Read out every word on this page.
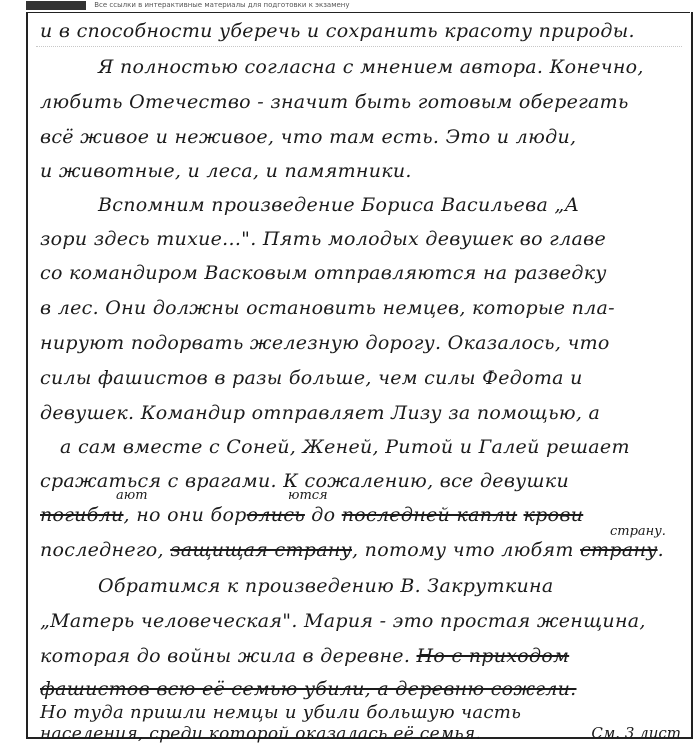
Все ссылки в интерактивные материалы для подготовки к экзамену
и в способности уберечь и сохранить красоту природы.
Я полностью согласна с мнением автора. Конечно,
любить Отечество - значит быть готовым оберегать
всё живое и неживое, что там есть. Это и люди,
и животные, и леса, и памятники.
Вспомним произведение Бориса Васильева „А
зори здесь тихие...". Пять молодых девушек во главе
со командиром Васковым отправляются на разведку
в лес. Они должны остановить немцев, которые пла-
нируют подорвать железную дорогу. Оказалось, что
силы фашистов в разы больше, чем силы Федота и
девушек. Командир отправляет Лизу за помощью, а
а сам вместе с Соней, Женей, Ритой и Галей решает
сражаться с врагами. К сожалению, все девушки
ают	ются
погибли, но они боролись до последней капли крови
страну.
последнего, защищая страну, потому что любят страну.
Обратимся к произведению В. Закруткина
„Матерь человеческая". Мария - это простая женщина,
которая до войны жила в деревне. Но с приходом
фашистов всю её семью убили, а деревню сожгли.
Но туда пришли немцы и убили большую часть
населения, среди которой оказалась её семья.	См. 3 лист
